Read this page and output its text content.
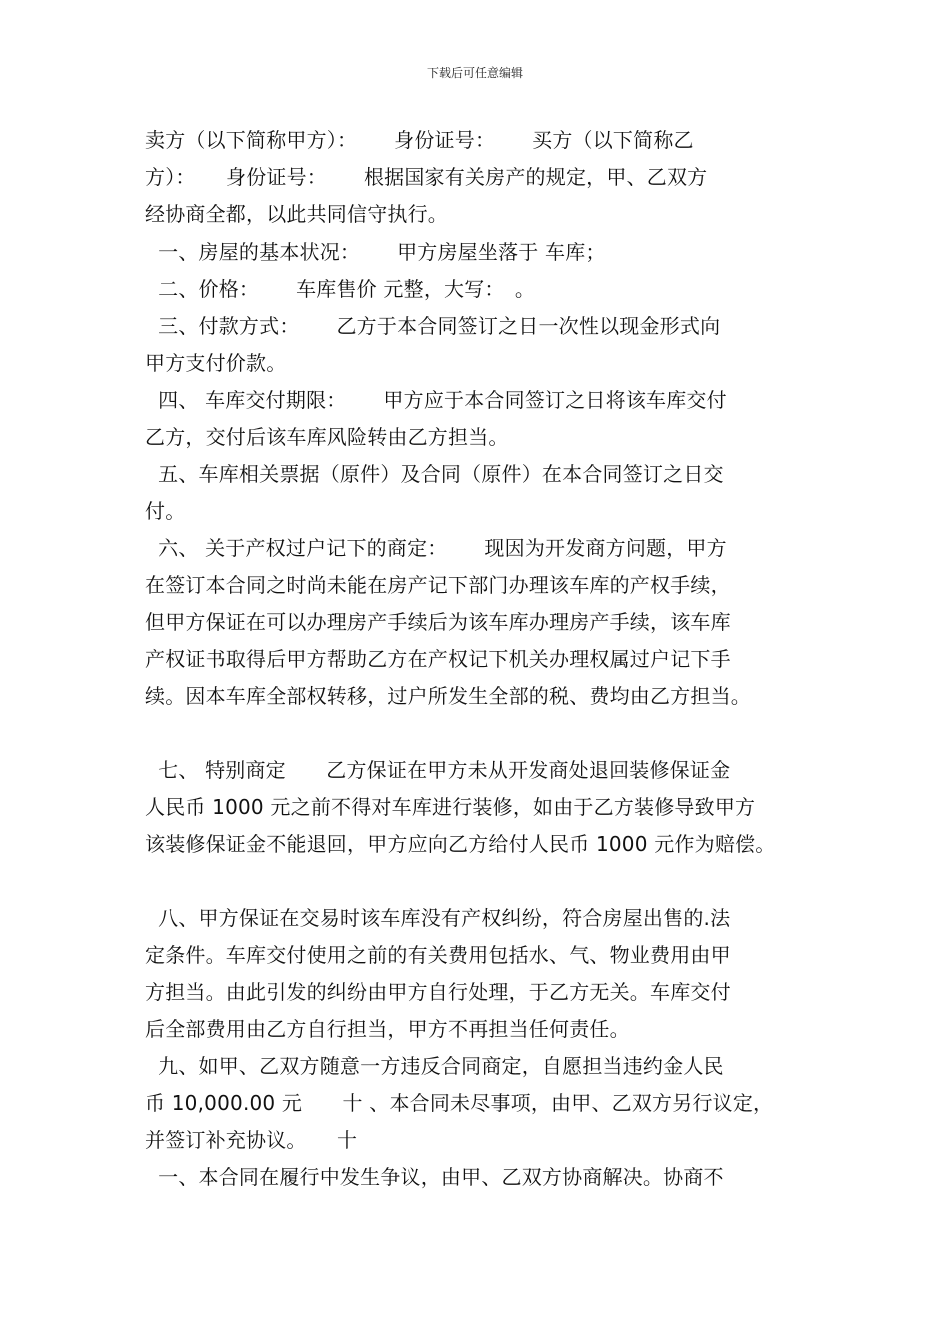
下载后可任意编辑
卖方（以下简称甲方）：　　 身份证号：　　 买方（以下简称乙
方）：　　身份证号：　　 根据国家有关房产的规定，甲、乙双方
经协商全都，以此共同信守执行。
一、房屋的基本状况：　　 甲方房屋坐落于 车库；
二、价格：　　 车库售价 元整，大写：　。
三、付款方式：　　 乙方于本合同签订之日一次性以现金形式向
甲方支付价款。
四、 车库交付期限：　　 甲方应于本合同签订之日将该车库交付
乙方，交付后该车库风险转由乙方担当。
五、车库相关票据（原件）及合同（原件）在本合同签订之日交
付。
六、 关于产权过户记下的商定：　　 现因为开发商方问题，甲方
在签订本合同之时尚未能在房产记下部门办理该车库的产权手续，
但甲方保证在可以办理房产手续后为该车库办理房产手续，该车库
产权证书取得后甲方帮助乙方在产权记下机关办理权属过户记下手
续。因本车库全部权转移，过户所发生全部的税、费均由乙方担当。
七、 特别商定　　乙方保证在甲方未从开发商处退回装修保证金
人民币 1000 元之前不得对车库进行装修，如由于乙方装修导致甲方
该装修保证金不能退回，甲方应向乙方给付人民币 1000 元作为赔偿。
八、甲方保证在交易时该车库没有产权纠纷，符合房屋出售的.法
定条件。车库交付使用之前的有关费用包括水、气、物业费用由甲
方担当。由此引发的纠纷由甲方自行处理，于乙方无关。车库交付
后全部费用由乙方自行担当，甲方不再担当任何责任。
九、如甲、乙双方随意一方违反合同商定，自愿担当违约金人民
币 10,000.00 元　　十 、本合同未尽事项，由甲、乙双方另行议定，
并签订补充协议。　　十
一、本合同在履行中发生争议，由甲、乙双方协商解决。协商不
